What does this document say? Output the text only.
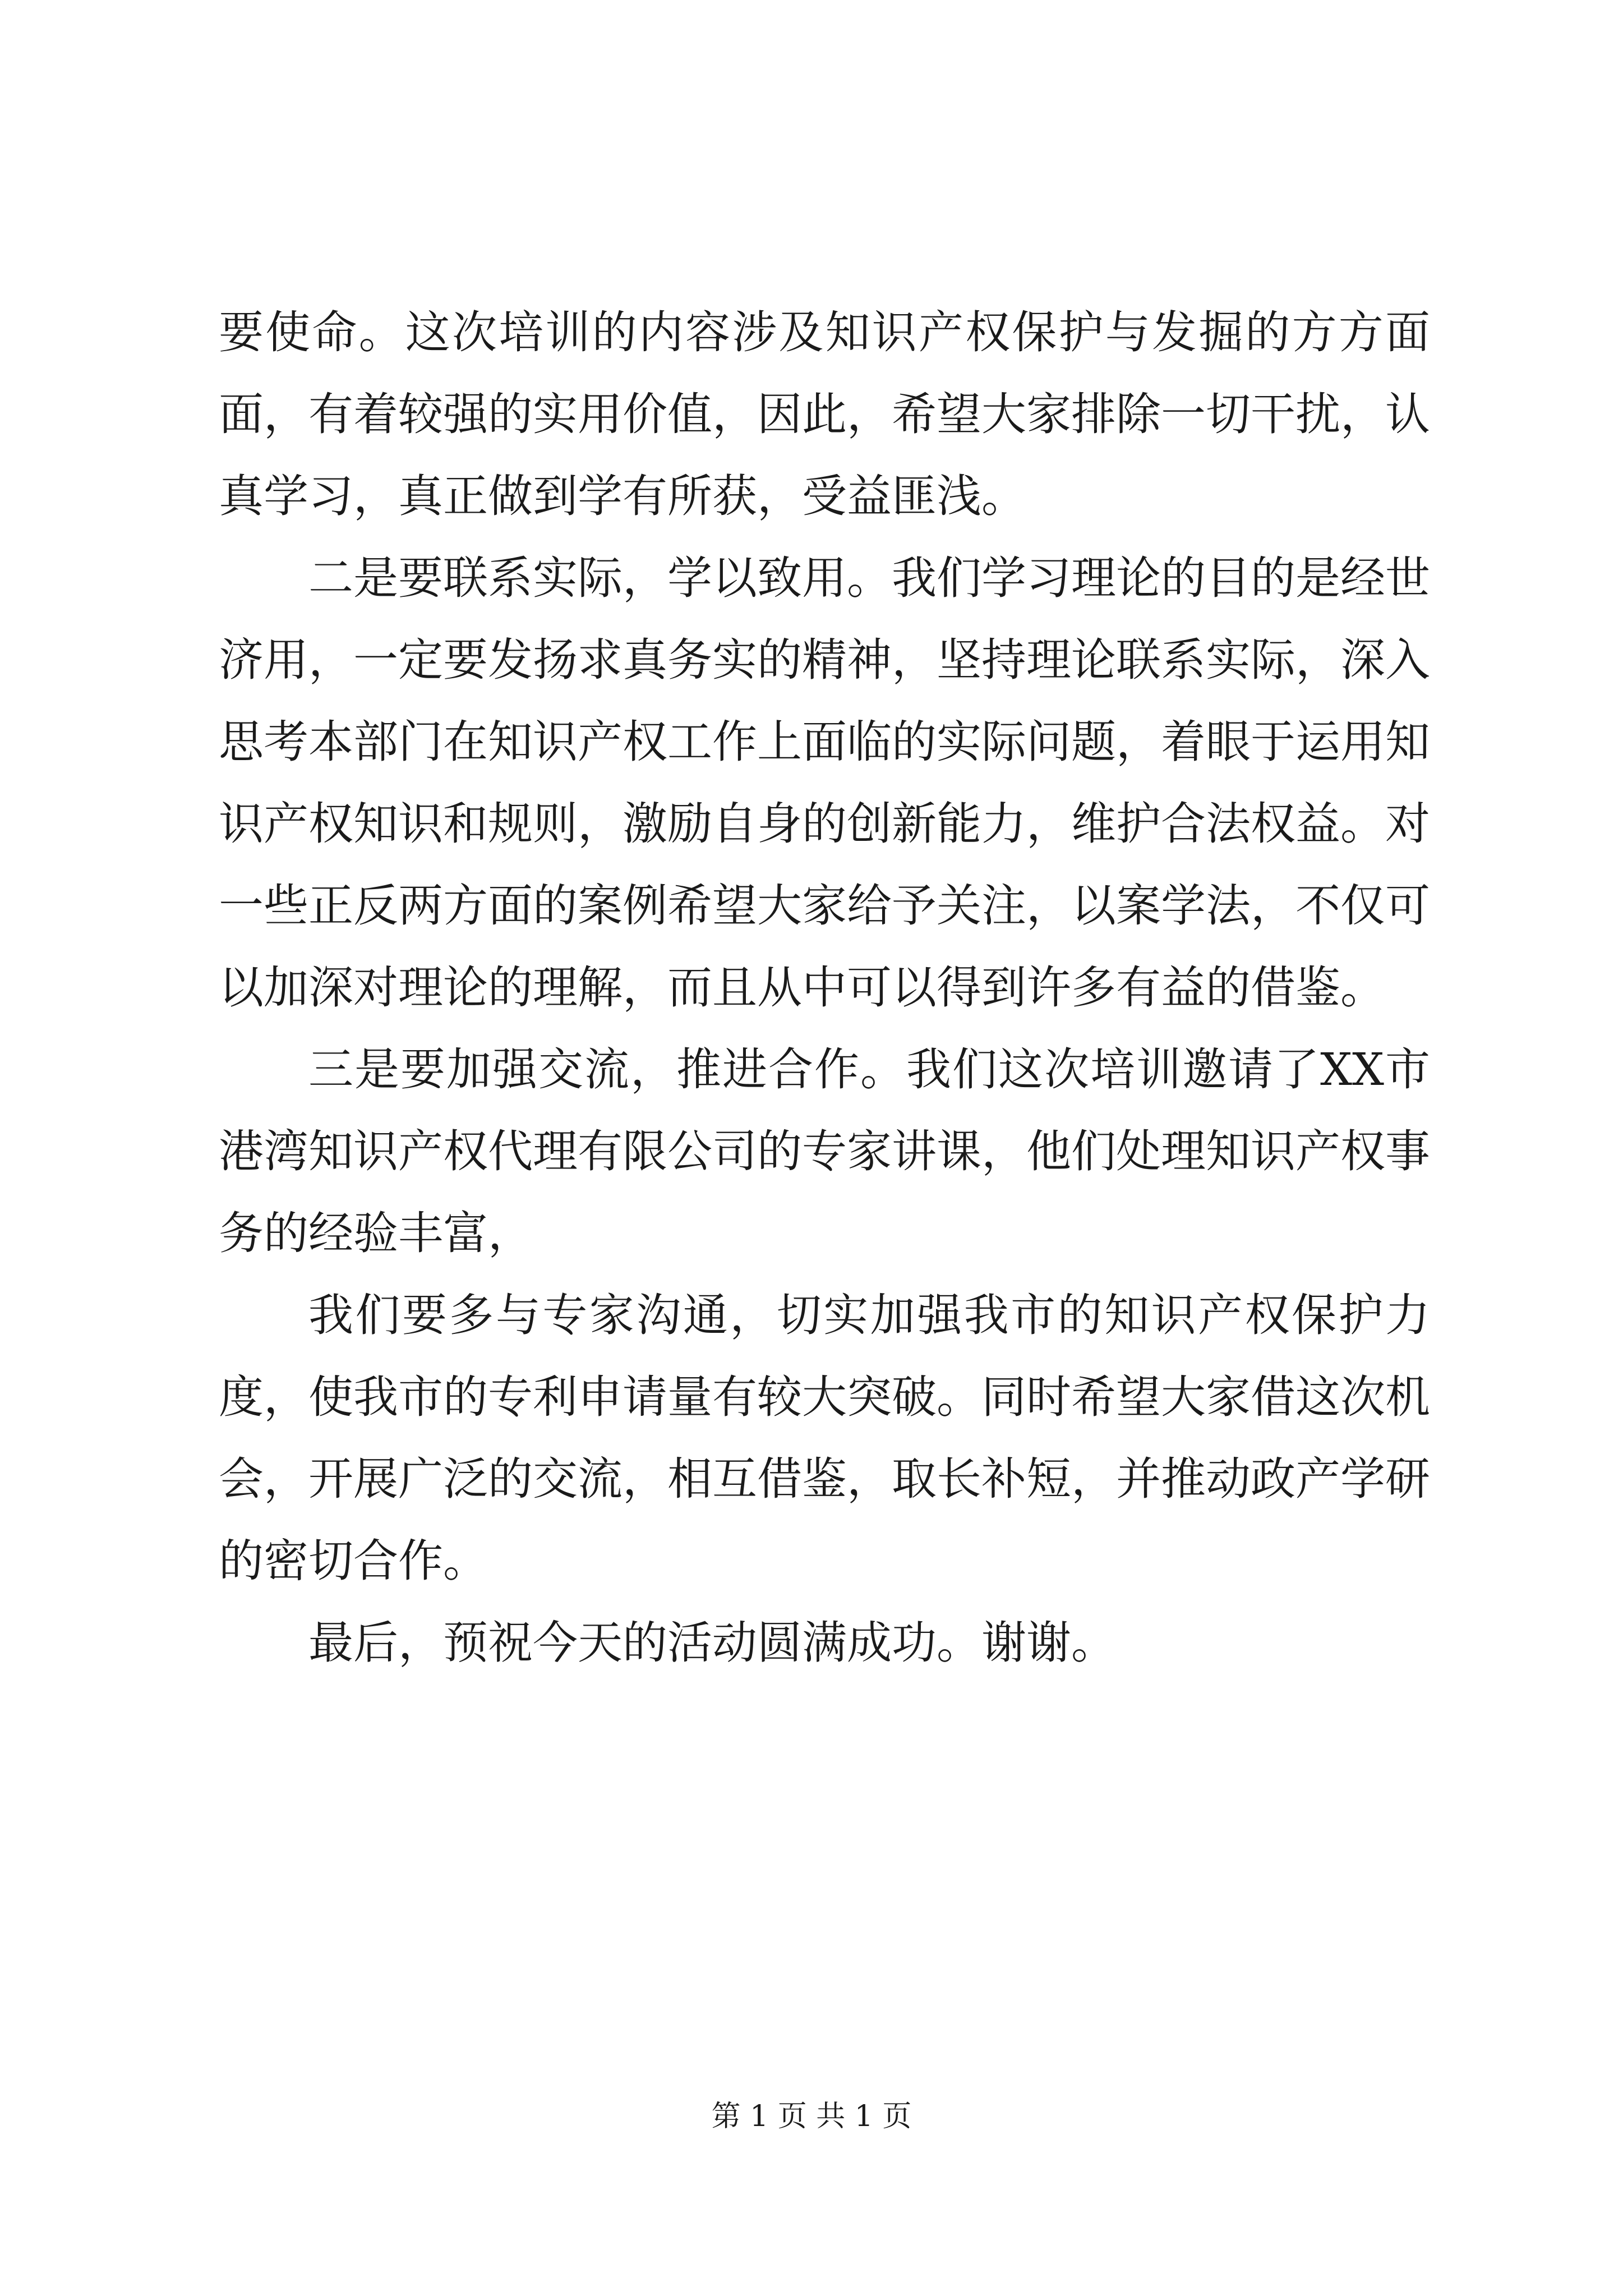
要使命。这次培训的内容涉及知识产权保护与发掘的方方面面，有着较强的实用价值，因此，希望大家排除一切干扰，认真学习，真正做到学有所获，受益匪浅。

二是要联系实际，学以致用。我们学习理论的目的是经世济用，一定要发扬求真务实的精神，坚持理论联系实际，深入思考本部门在知识产权工作上面临的实际问题，着眼于运用知识产权知识和规则，激励自身的创新能力，维护合法权益。对一些正反两方面的案例希望大家给予关注，以案学法，不仅可以加深对理论的理解，而且从中可以得到许多有益的借鉴。

三是要加强交流，推进合作。我们这次培训邀请了XX市港湾知识产权代理有限公司的专家讲课，他们处理知识产权事务的经验丰富，

我们要多与专家沟通，切实加强我市的知识产权保护力度，使我市的专利申请量有较大突破。同时希望大家借这次机会，开展广泛的交流，相互借鉴，取长补短，并推动政产学研的密切合作。

最后，预祝今天的活动圆满成功。谢谢。

第 1 页 共 1 页
